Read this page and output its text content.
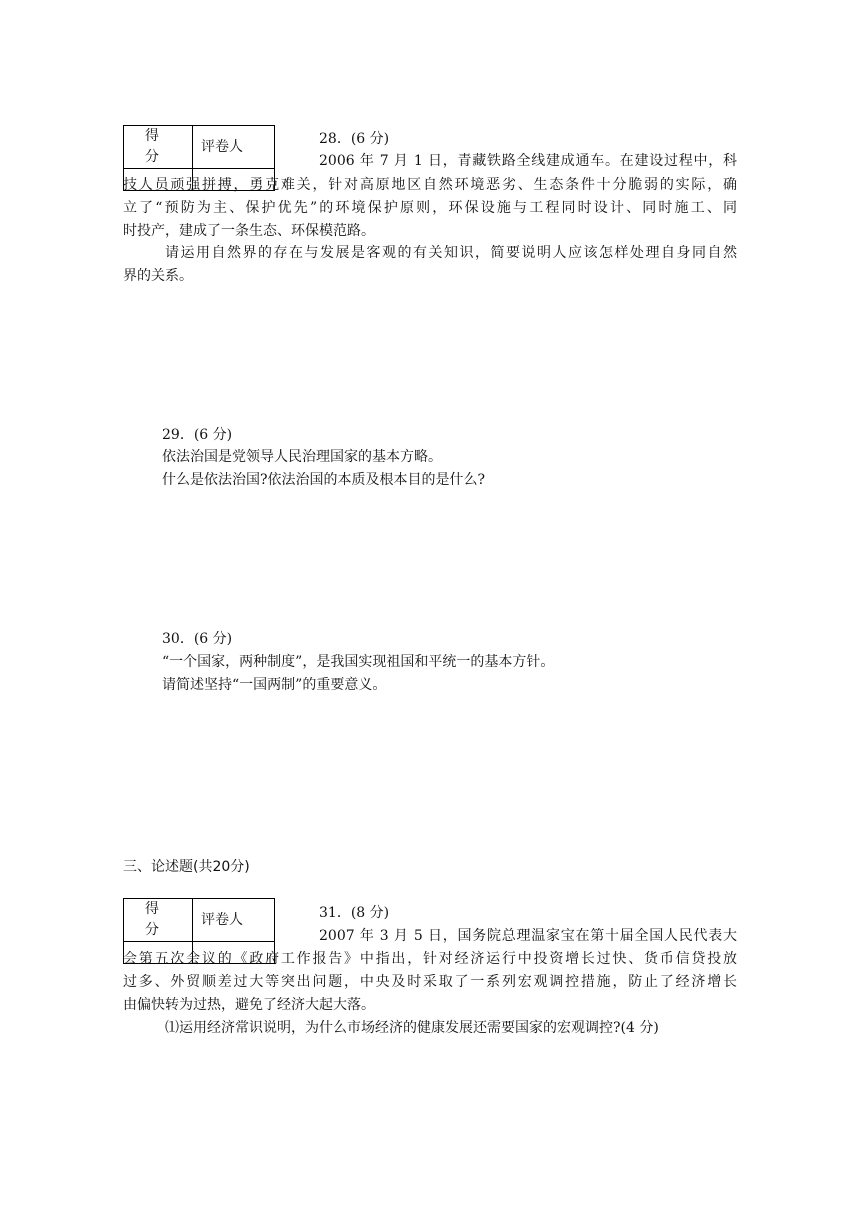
得　分	评卷人
		28．(6 分)
2006 年 7 月 1 日，青藏铁路全线建成通车。在建设过程中，科
技人员顽强拼搏，勇克难关，针对高原地区自然环境恶劣、生态条件十分脆弱的实际，确
立了“预防为主、保护优先”的环境保护原则，环保设施与工程同时设计、同时施工、同
时投产，建成了一条生态、环保模范路。
请运用自然界的存在与发展是客观的有关知识，简要说明人应该怎样处理自身同自然
界的关系。
29．(6 分)
依法治国是党领导人民治理国家的基本方略。
什么是依法治国?依法治国的本质及根本目的是什么?
30．(6 分)
“一个国家，两种制度”，是我国实现祖国和平统一的基本方针。
请简述坚持“一国两制”的重要意义。
三、论述题(共20分)
得　分	评卷人
		31．(8 分)
2007 年 3 月 5 日，国务院总理温家宝在第十届全国人民代表大
会第五次会议的《政府工作报告》中指出，针对经济运行中投资增长过快、货币信贷投放
过多、外贸顺差过大等突出问题，中央及时采取了一系列宏观调控措施，防止了经济增长
由偏快转为过热，避免了经济大起大落。
⑴运用经济常识说明，为什么市场经济的健康发展还需要国家的宏观调控?(4 分)
